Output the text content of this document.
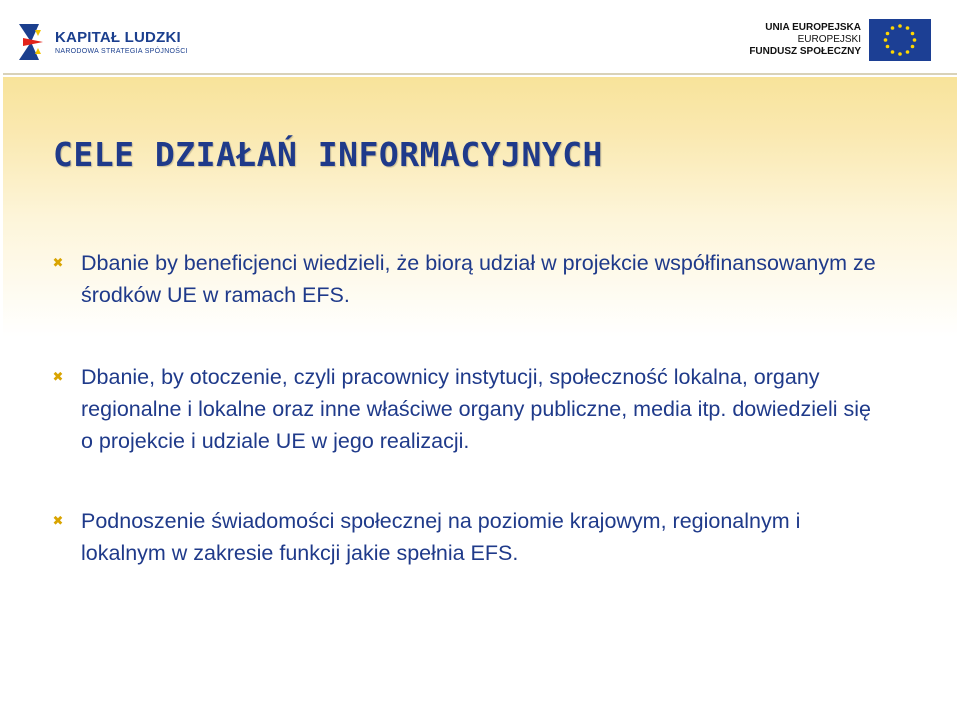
KAPITAŁ LUDZKI
NARODOWA STRATEGIA SPÓJNOŚCI
UNIA EUROPEJSKA
EUROPEJSKI
FUNDUSZ SPOŁECZNY
CELE DZIAŁAŃ INFORMACYJNYCH
✖ Dbanie by beneficjenci wiedzieli, że biorą udział w projekcie współfinansowanym ze
środków UE w ramach EFS.

✖ Dbanie, by otoczenie, czyli pracownicy instytucji, społeczność lokalna, organy
regionalne i lokalne oraz inne właściwe organy publiczne, media itp. dowiedzieli się
o projekcie i udziale UE w jego realizacji.

✖ Podnoszenie świadomości społecznej na poziomie krajowym, regionalnym i
lokalnym w zakresie funkcji jakie spełnia EFS.
